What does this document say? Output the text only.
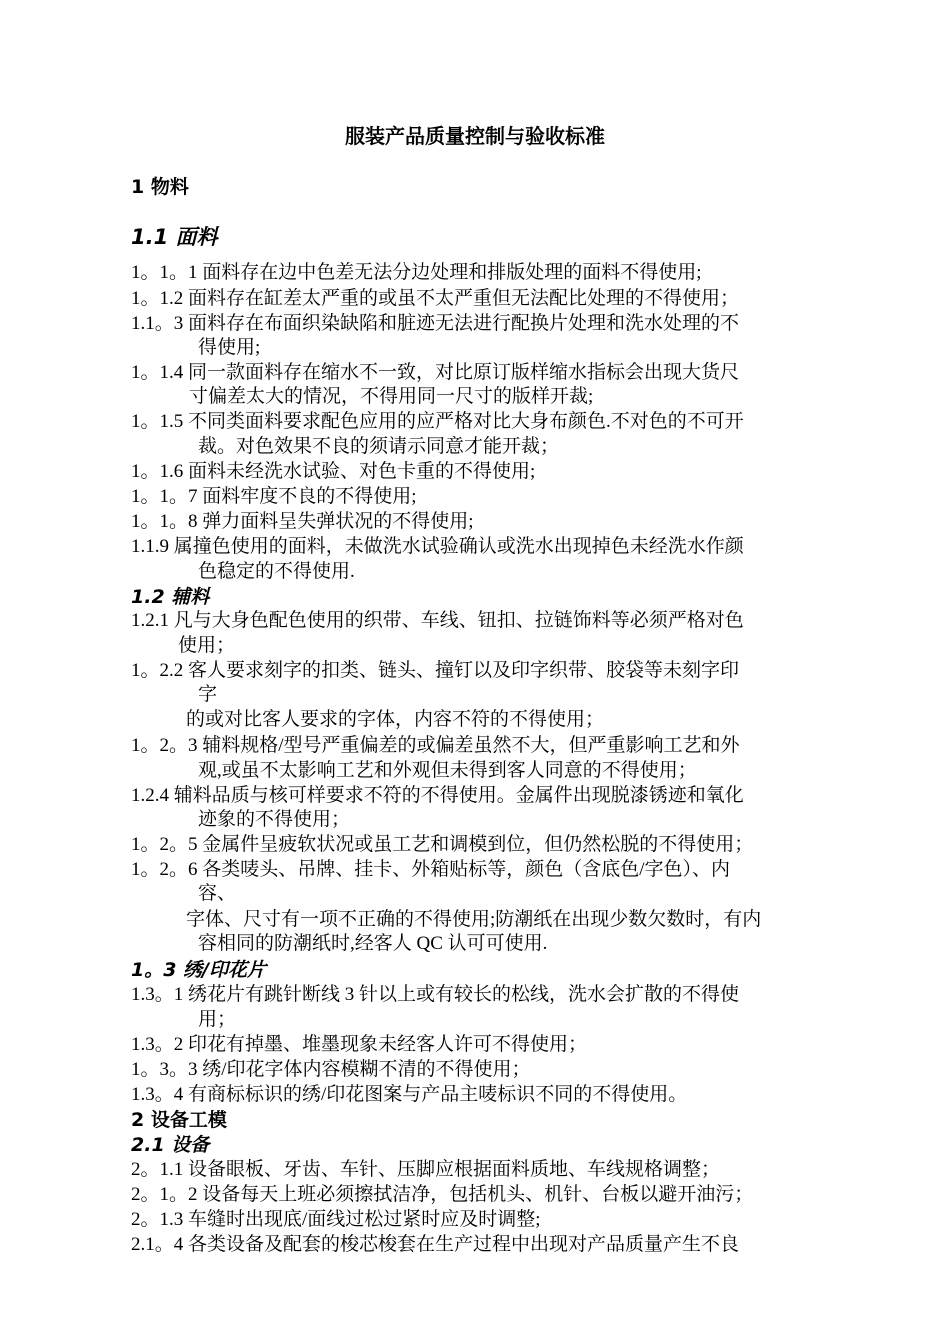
服装产品质量控制与验收标准
1 物料
1.1 面料
1。1。1 面料存在边中色差无法分边处理和排版处理的面料不得使用;
1。1.2 面料存在缸差太严重的或虽不太严重但无法配比处理的不得使用；
1.1。3 面料存在布面织染缺陷和脏迹无法进行配换片处理和洗水处理的不
得使用;
1。1.4 同一款面料存在缩水不一致，对比原订版样缩水指标会出现大货尺
寸偏差太大的情况，不得用同一尺寸的版样开裁;
1。1.5 不同类面料要求配色应用的应严格对比大身布颜色.不对色的不可开
裁。对色效果不良的须请示同意才能开裁；
1。1.6 面料未经洗水试验、对色卡重的不得使用;
1。1。7 面料牢度不良的不得使用;
1。1。8 弹力面料呈失弹状况的不得使用;
1.1.9 属撞色使用的面料，未做洗水试验确认或洗水出现掉色未经洗水作颜
色稳定的不得使用.
1.2 辅料
1.2.1 凡与大身色配色使用的织带、车线、钮扣、拉链饰料等必须严格对色
使用；
1。2.2 客人要求刻字的扣类、链头、撞钉以及印字织带、胶袋等未刻字印
字
的或对比客人要求的字体，内容不符的不得使用；
1。2。3 辅料规格/型号严重偏差的或偏差虽然不大，但严重影响工艺和外
观,或虽不太影响工艺和外观但未得到客人同意的不得使用；
1.2.4 辅料品质与核可样要求不符的不得使用。金属件出现脱漆锈迹和氧化
迹象的不得使用；
1。2。5 金属件呈疲软状况或虽工艺和调模到位，但仍然松脱的不得使用；
1。2。6 各类唛头、吊牌、挂卡、外箱贴标等，颜色（含底色/字色）、内
容、
字体、尺寸有一项不正确的不得使用;防潮纸在出现少数欠数时，有内
容相同的防潮纸时,经客人 QC 认可可使用.
1。3 绣/印花片
1.3。1 绣花片有跳针断线 3 针以上或有较长的松线，洗水会扩散的不得使
用；
1.3。2 印花有掉墨、堆墨现象未经客人许可不得使用；
1。3。3 绣/印花字体内容模糊不清的不得使用；
1.3。4 有商标标识的绣/印花图案与产品主唛标识不同的不得使用。
2 设备工模
2.1 设备
2。1.1 设备眼板、牙齿、车针、压脚应根据面料质地、车线规格调整；
2。1。2 设备每天上班必须擦拭洁净，包括机头、机针、台板以避开油污；
2。1.3 车缝时出现底/面线过松过紧时应及时调整;
2.1。4 各类设备及配套的梭芯梭套在生产过程中出现对产品质量产生不良
